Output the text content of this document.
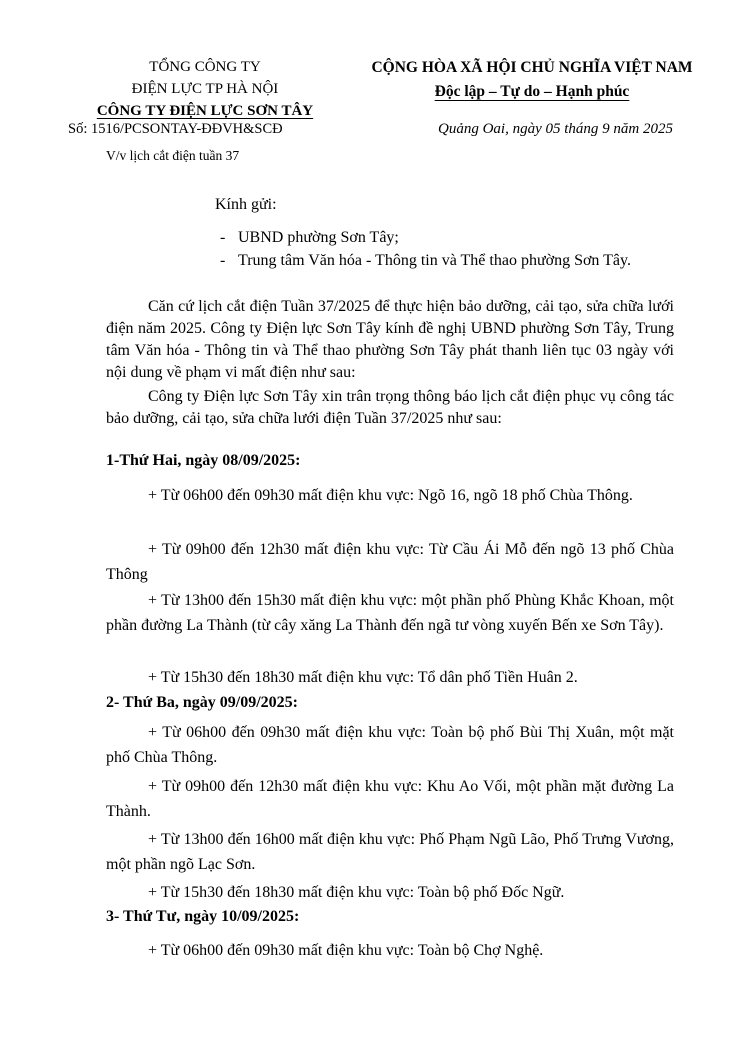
TỔNG CÔNG TY
ĐIỆN LỰC TP HÀ NỘI
CÔNG TY ĐIỆN LỰC SƠN TÂY
Số: 1516/PCSONTAY-ĐĐVH&SCĐ
V/v lịch cắt điện tuần 37
CỘNG HÒA XÃ HỘI CHỦ NGHĨA VIỆT NAM
Độc lập – Tự do – Hạnh phúc
Quảng Oai, ngày 05 tháng 9 năm 2025
Kính gửi:
- UBND phường Sơn Tây;
- Trung tâm Văn hóa - Thông tin và Thể thao phường Sơn Tây.

Căn cứ lịch cắt điện Tuần 37/2025 để thực hiện bảo dưỡng, cải tạo, sửa chữa lưới điện năm 2025. Công ty Điện lực Sơn Tây kính đề nghị UBND phường Sơn Tây, Trung tâm Văn hóa - Thông tin và Thể thao phường Sơn Tây phát thanh liên tục 03 ngày với nội dung về phạm vi mất điện như sau:

Công ty Điện lực Sơn Tây xin trân trọng thông báo lịch cắt điện phục vụ công tác bảo dưỡng, cải tạo, sửa chữa lưới điện Tuần 37/2025 như sau:

1-Thứ Hai, ngày 08/09/2025:
+ Từ 06h00 đến 09h30 mất điện khu vực: Ngõ 16, ngõ 18 phố Chùa Thông.
+ Từ 09h00 đến 12h30 mất điện khu vực: Từ Cầu Ái Mỗ đến ngõ 13 phố Chùa Thông
+ Từ 13h00 đến 15h30 mất điện khu vực: một phần phố Phùng Khắc Khoan, một phần đường La Thành (từ cây xăng La Thành đến ngã tư vòng xuyến Bến xe Sơn Tây).
+ Từ 15h30 đến 18h30 mất điện khu vực: Tổ dân phố Tiền Huân 2.
2- Thứ Ba, ngày 09/09/2025:
+ Từ 06h00 đến 09h30 mất điện khu vực: Toàn bộ phố Bùi Thị Xuân, một mặt phố Chùa Thông.
+ Từ 09h00 đến 12h30 mất điện khu vực: Khu Ao Vối, một phần mặt đường La Thành.
+ Từ 13h00 đến 16h00 mất điện khu vực: Phố Phạm Ngũ Lão, Phố Trưng Vương, một phần ngõ Lạc Sơn.
+ Từ 15h30 đến 18h30 mất điện khu vực: Toàn bộ phố Đốc Ngữ.
3- Thứ Tư, ngày 10/09/2025:
+ Từ 06h00 đến 09h30 mất điện khu vực: Toàn bộ Chợ Nghệ.
